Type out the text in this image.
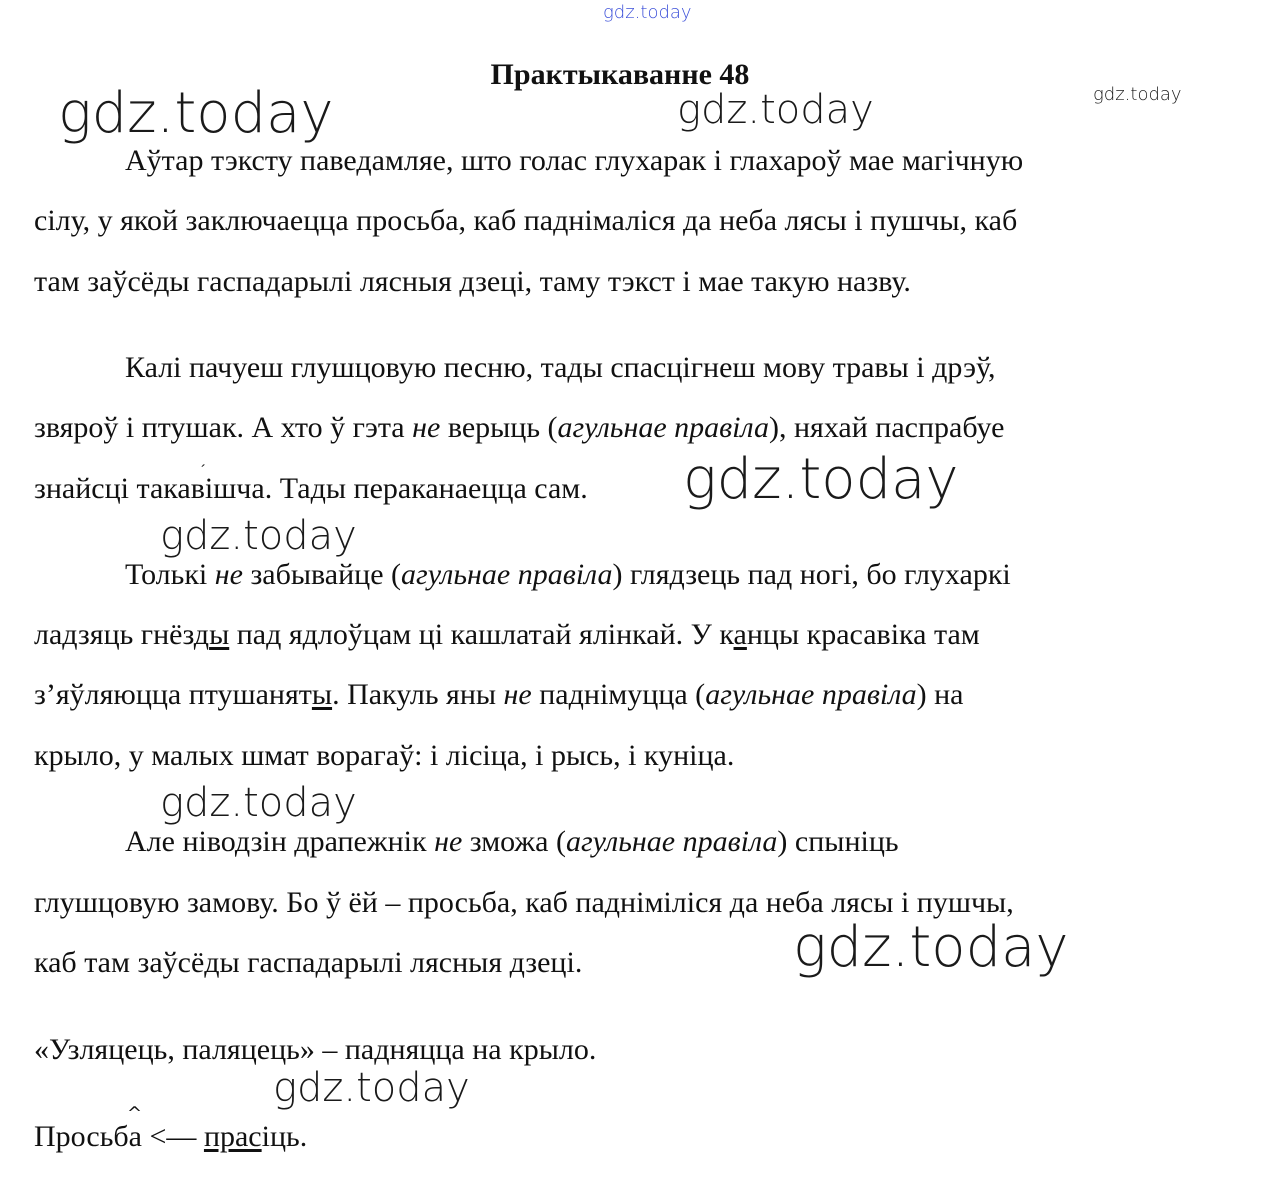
gdz.today
gdz.today	gdz.today	gdz.today
gdz.today
gdz.today
gdz.today
gdz.today
gdz.today
Практыкаванне 48
Аўтар тэксту паведамляе, што голас глухарак і глахароў мае магічную
сілу, у якой заключаецца просьба, каб паднімаліся да неба лясы і пушчы, каб
там заўсёды гаспадарылі лясныя дзеці, таму тэкст і мае такую назву.
Калі пачуеш глушцовую песню, тады спасцігнеш мову травы і дрэў,
звяроў і птушак. А хто ў гэта не верыць (агульнае правіла), няхай паспрабуе
знайсці такавішча. Тады пераканаецца сам.
Толькі не забывайце (агульнае правіла) глядзець пад ногі, бо глухаркі
ладзяць гнёзды пад ядлоўцам ці кашлатай ялінкай. У канцы красавіка там
з’яўляюцца птушаняты. Пакуль яны не паднімуцца (агульнае правіла) на
крыло, у малых шмат ворагаў: і лісіца, і рысь, і куніца.
Але ніводзін драпежнік не зможа (агульнае правіла) спыніць
глушцовую замову. Бо ў ёй – просьба, каб падніміліся да неба лясы і пушчы,
каб там заўсёды гаспадарылі лясныя дзеці.
«Узляцець, паляцець» – падняцца на крыло.
^
Просьба <— прасіць.
